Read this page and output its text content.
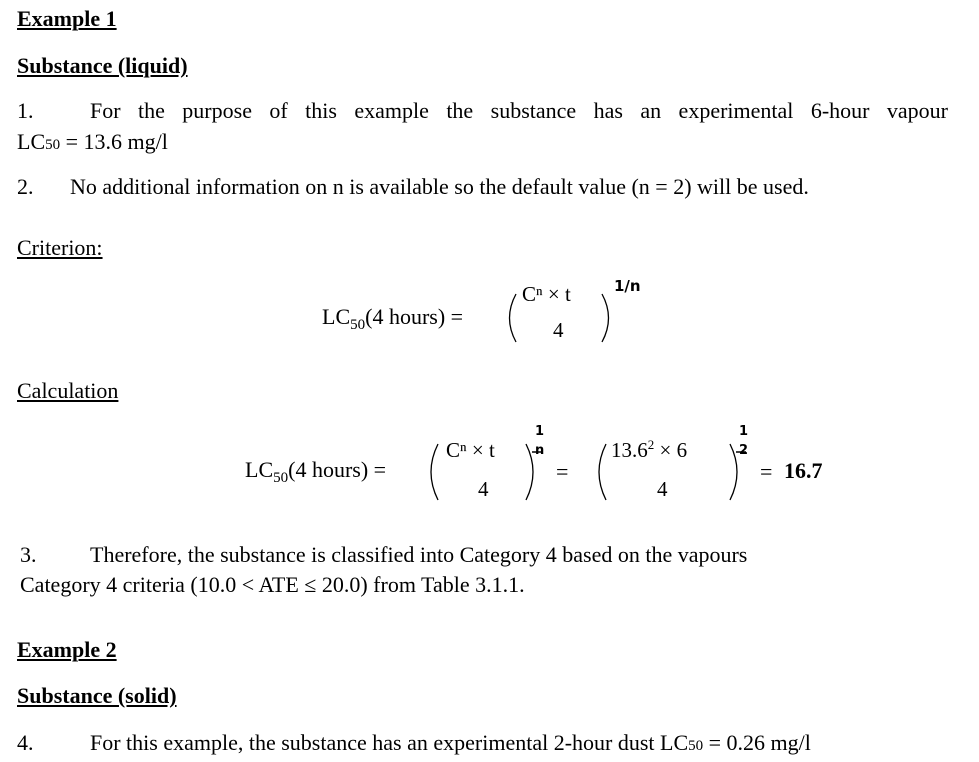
Example 1
Substance (liquid)
1.	For the purpose of this example the substance has an experimental 6-hour vapour
LC50 = 13.6 mg/l
2. No additional information on n is available so the default value (n = 2) will be used.
Criterion:
$LC_{50}(4$ hours) =
Cⁿ × t
4
1/n
Calculation
$LC_{50}(4$ hours) =
Cⁿ × t
4
1
n
=
$13.6^2 \times 6$
4
1
2
= 16.7
3. Therefore, the substance is classified into Category 4 based on the vapours
Category 4 criteria (10.0 < ATE ≤ 20.0) from Table 3.1.1.
Example 2
Substance (solid)
4.	For this example, the substance has an experimental 2-hour dust LC50 = 0.26 mg/l
